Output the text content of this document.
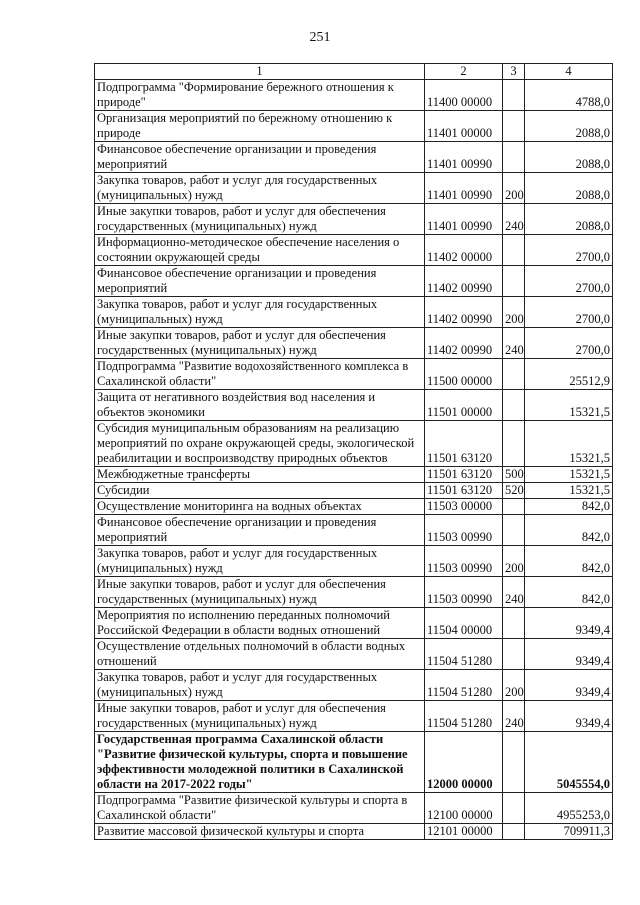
251
1	2	3	4
Подпрограмма "Формирование бережного отношения к природе"	11400 00000		4788,0
Организация мероприятий по бережному отношению к природе	11401 00000		2088,0
Финансовое обеспечение организации и проведения мероприятий	11401 00990		2088,0
Закупка товаров, работ и услуг для государственных (муниципальных) нужд	11401 00990	200	2088,0
Иные закупки товаров, работ и услуг для обеспечения государственных (муниципальных) нужд	11401 00990	240	2088,0
Информационно-методическое обеспечение населения о состоянии окружающей среды	11402 00000		2700,0
Финансовое обеспечение организации и проведения мероприятий	11402 00990		2700,0
Закупка товаров, работ и услуг для государственных (муниципальных) нужд	11402 00990	200	2700,0
Иные закупки товаров, работ и услуг для обеспечения государственных (муниципальных) нужд	11402 00990	240	2700,0
Подпрограмма "Развитие водохозяйственного комплекса в Сахалинской области"	11500 00000		25512,9
Защита от негативного воздействия вод населения и объектов экономики	11501 00000		15321,5
Субсидия муниципальным образованиям на реализацию мероприятий по охране окружающей среды, экологической реабилитации и воспроизводству природных объектов	11501 63120		15321,5
Межбюджетные трансферты	11501 63120	500	15321,5
Субсидии	11501 63120	520	15321,5
Осуществление мониторинга на водных объектах	11503 00000		842,0
Финансовое обеспечение организации и проведения мероприятий	11503 00990		842,0
Закупка товаров, работ и услуг для государственных (муниципальных) нужд	11503 00990	200	842,0
Иные закупки товаров, работ и услуг для обеспечения государственных (муниципальных) нужд	11503 00990	240	842,0
Мероприятия по исполнению переданных полномочий Российской Федерации в области водных отношений	11504 00000		9349,4
Осуществление отдельных полномочий в области водных отношений	11504 51280		9349,4
Закупка товаров, работ и услуг для государственных (муниципальных) нужд	11504 51280	200	9349,4
Иные закупки товаров, работ и услуг для обеспечения государственных (муниципальных) нужд	11504 51280	240	9349,4
Государственная программа Сахалинской области "Развитие физической культуры, спорта и повышение эффективности молодежной политики в Сахалинской области на 2017-2022 годы"	12000 00000		5045554,0
Подпрограмма "Развитие физической культуры и спорта в Сахалинской области"	12100 00000		4955253,0
Развитие массовой физической культуры и спорта	12101 00000		709911,3
